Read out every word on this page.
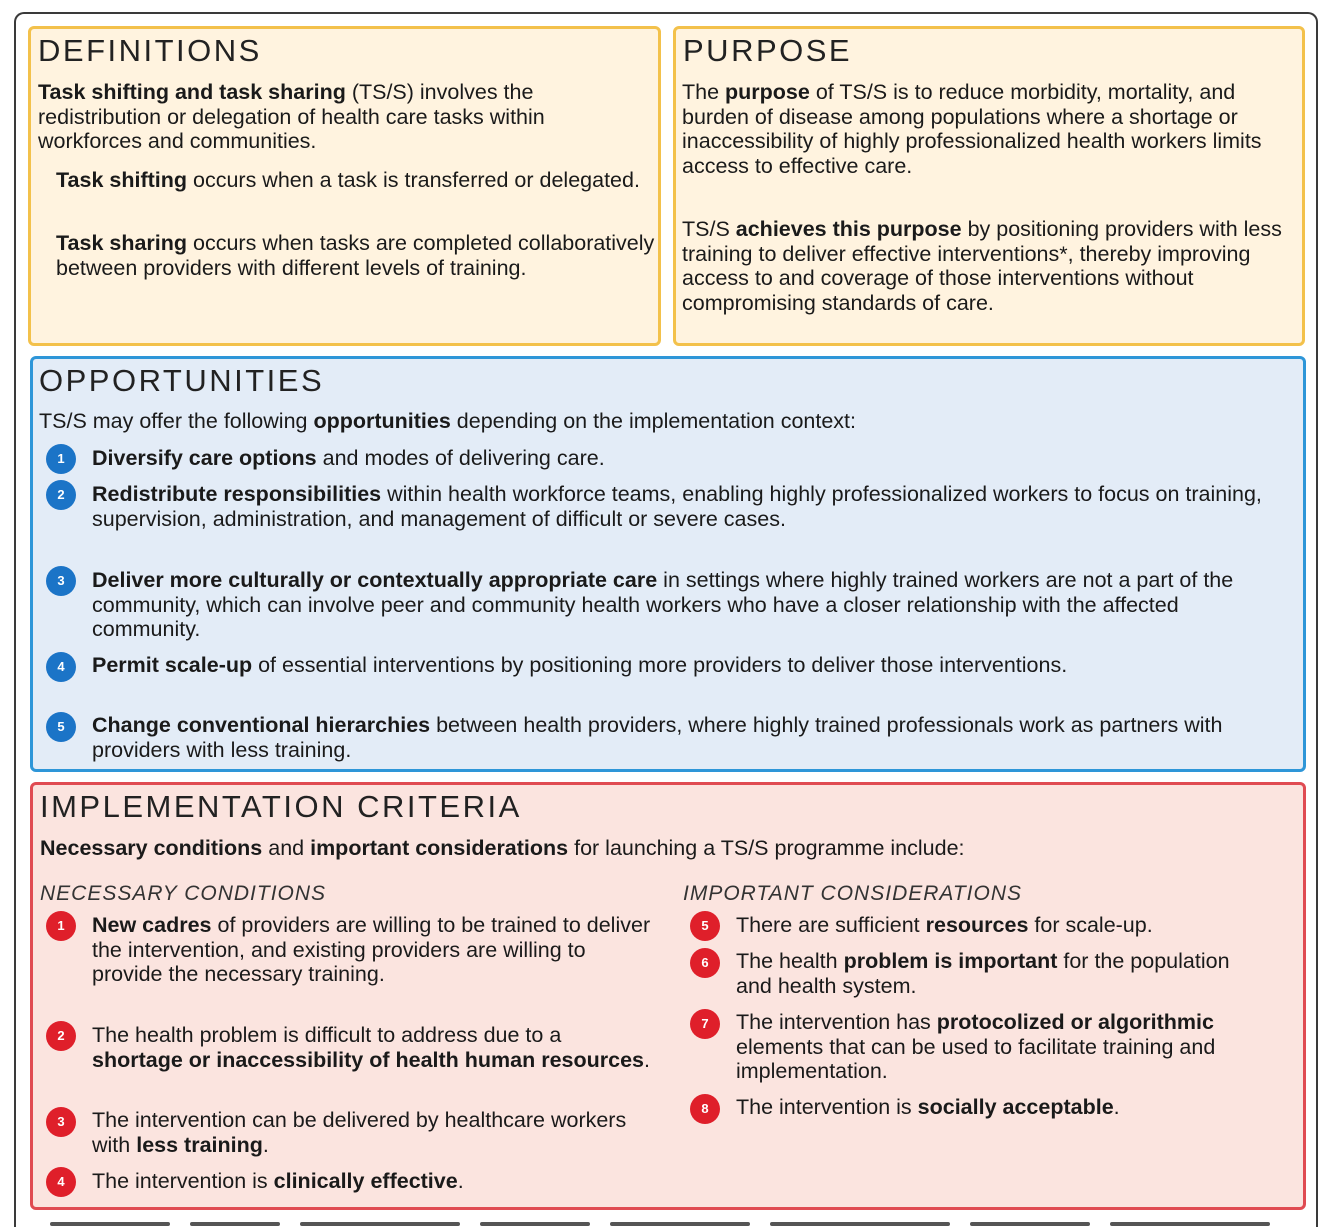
DEFINITIONS

Task shifting and task sharing (TS/S) involves the redistribution or delegation of health care tasks within workforces and communities.

Task shifting occurs when a task is transferred or delegated.

Task sharing occurs when tasks are completed collaboratively between providers with different levels of training.

PURPOSE

The purpose of TS/S is to reduce morbidity, mortality, and burden of disease among populations where a shortage or inaccessibility of highly professionalized health workers limits access to effective care.

TS/S achieves this purpose by positioning providers with less training to deliver effective interventions*, thereby improving access to and coverage of those interventions without compromising standards of care.

OPPORTUNITIES

TS/S may offer the following opportunities depending on the implementation context:

1	Diversify care options and modes of delivering care.

2	Redistribute responsibilities within health workforce teams, enabling highly professionalized workers to focus on training, supervision, administration, and management of difficult or severe cases.

3	Deliver more culturally or contextually appropriate care in settings where highly trained workers are not a part of the community, which can involve peer and community health workers who have a closer relationship with the affected community.

4	Permit scale-up of essential interventions by positioning more providers to deliver those interventions.

5	Change conventional hierarchies between health providers, where highly trained professionals work as partners with providers with less training.

IMPLEMENTATION CRITERIA

Necessary conditions and important considerations for launching a TS/S programme include:

NECESSARY CONDITIONS	IMPORTANT CONSIDERATIONS

1	New cadres of providers are willing to be trained to deliver the intervention, and existing providers are willing to provide the necessary training.

2	The health problem is difficult to address due to a shortage or inaccessibility of health human resources.

3	The intervention can be delivered by healthcare workers with less training.

4	The intervention is clinically effective.

5	There are sufficient resources for scale-up.

6	The health problem is important for the population and health system.

7	The intervention has protocolized or algorithmic elements that can be used to facilitate training and implementation.

8	The intervention is socially acceptable.
